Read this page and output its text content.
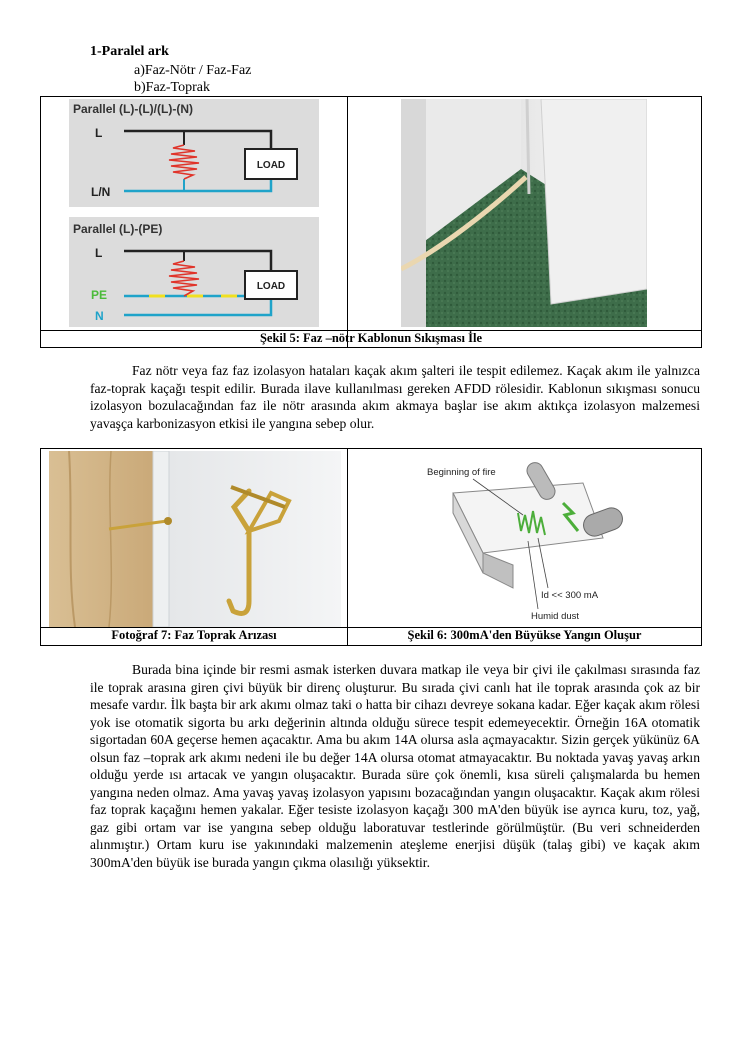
1-Paralel ark
a)Faz-Nötr / Faz-Faz
b)Faz-Toprak
Parallel (L)-(L)/(L)-(N)
L
L/N
LOAD
Parallel (L)-(PE)
L
PE
N
LOAD
Şekil 5: Faz –nötr Kablonun Sıkışması İle
Faz nötr veya faz faz izolasyon hataları kaçak akım şalteri ile tespit edilemez. Kaçak akım ile yalnızca faz-toprak kaçağı tespit edilir. Burada ilave kullanılması gereken AFDD rölesidir. Kablonun sıkışması sonucu izolasyon bozulacağından faz ile nötr arasında akım akmaya başlar ise akım aktıkça izolasyon malzemesi yavaşça karbonizasyon etkisi ile yangına sebep olur.
Beginning of fire
Id << 300 mA
Humid dust
Fotoğraf 7: Faz Toprak Arızası	Şekil 6: 300mA'den Büyükse Yangın Oluşur
Burada bina içinde bir resmi asmak isterken duvara matkap ile veya bir çivi ile çakılması sırasında faz ile toprak arasına giren çivi büyük bir direnç oluşturur. Bu sırada çivi canlı hat ile toprak arasında çok az bir mesafe vardır. İlk başta bir ark akımı olmaz taki o hatta bir cihazı devreye sokana kadar. Eğer kaçak akım rölesi yok ise otomatik sigorta bu arkı değerinin altında olduğu sürece tespit edemeyecektir. Örneğin 16A otomatik sigortadan 60A geçerse hemen açacaktır. Ama bu akım 14A olursa asla açmayacaktır. Sizin gerçek yükünüz 6A olsun faz –toprak ark akımı nedeni ile bu değer 14A olursa otomat atmayacaktır. Bu noktada yavaş yavaş arkın olduğu yerde ısı artacak ve yangın oluşacaktır. Burada süre çok önemli, kısa süreli çalışmalarda bu hemen yangına neden olmaz. Ama yavaş yavaş izolasyon yapısını bozacağından yangın oluşacaktır. Kaçak akım rölesi faz toprak kaçağını hemen yakalar. Eğer tesiste izolasyon kaçağı 300 mA'den büyük ise ayrıca kuru, toz, yağ, gaz gibi ortam var ise yangına sebep olduğu laboratuvar testlerinde görülmüştür. (Bu veri schneiderden alınmıştır.) Ortam kuru ise yakınındaki malzemenin ateşleme enerjisi düşük (talaş gibi) ve kaçak akım 300mA'den büyük ise burada yangın çıkma olasılığı yüksektir.
